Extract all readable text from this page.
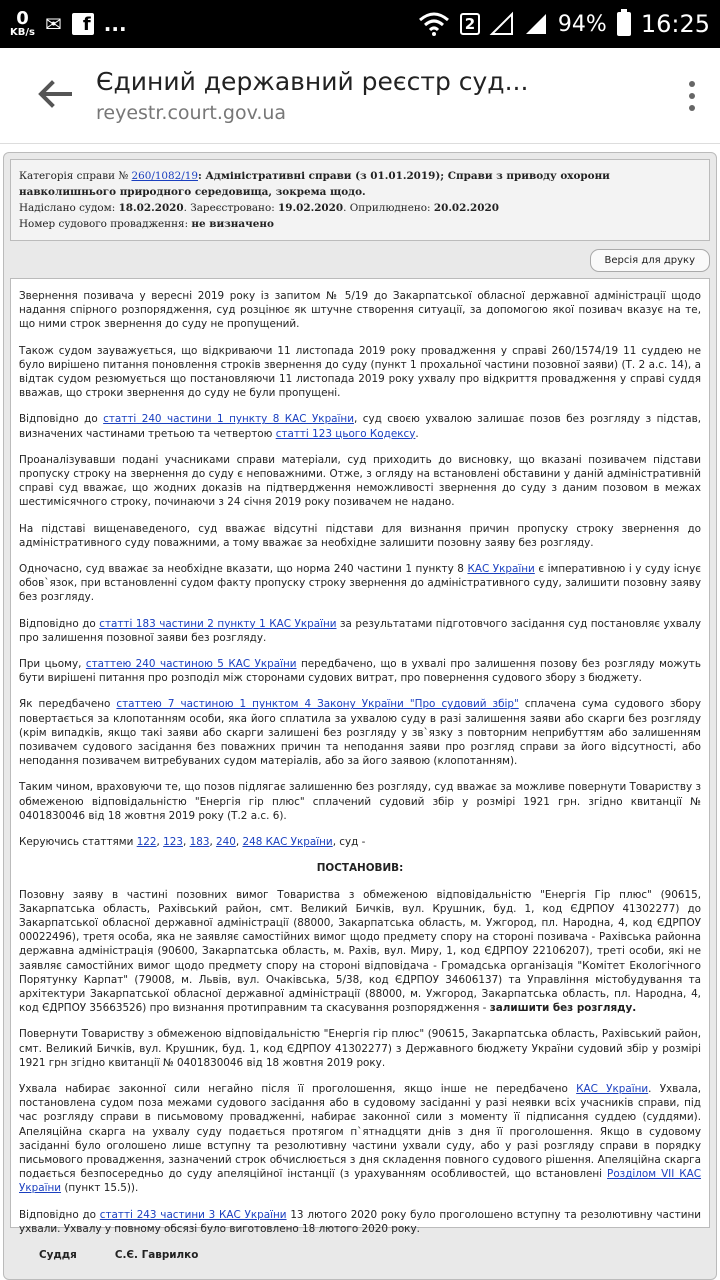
0
KB/s ✉	f ...	2	94% 16:25
Єдиний державний реєстр суд...
reyestr.court.gov.ua
Категорія справи № 260/1082/19: Адміністративні справи (з 01.01.2019); Справи з приводу охорони навколишнього природного середовища, зокрема щодо.
Надіслано судом: 18.02.2020. Зареєстровано: 19.02.2020. Оприлюднено: 20.02.2020
Номер судового провадження: не визначено
Версія для друку

Звернення позивача у вересні 2019 року із запитом № 5/19 до Закарпатської обласної державної адміністрації щодо надання спірного розпорядження, суд розцінює як штучне створення ситуації, за допомогою якої позивач вказує на те, що ними строк звернення до суду не пропущений.

Також судом зауважується, що відкриваючи 11 листопада 2019 року провадження у справі 260/1574/19 11 суддею не було вирішено питання поновлення строків звернення до суду (пункт 1 прохальної частини позовної заяви) (Т. 2 а.с. 14), а відтак судом резюмується що постановляючи 11 листопада 2019 року ухвалу про відкриття провадження у справі суддя вважав, що строки звернення до суду не були пропущені.

Відповідно до статті 240 частини 1 пункту 8 КАС України, суд своєю ухвалою залишає позов без розгляду з підстав, визначених частинами третьою та четвертою статті 123 цього Кодексу.

Проаналізувавши подані учасниками справи матеріали, суд приходить до висновку, що вказані позивачем підстави пропуску строку на звернення до суду є неповажними. Отже, з огляду на встановлені обставини у даній адміністративній справі суд вважає, що жодних доказів на підтвердження неможливості звернення до суду з даним позовом в межах шестимісячного строку, починаючи з 24 січня 2019 року позивачем не надано.

На підставі вищенаведеного, суд вважає відсутні підстави для визнання причин пропуску строку звернення до адміністративного суду поважними, а тому вважає за необхідне залишити позовну заяву без розгляду.

Одночасно, суд вважає за необхідне вказати, що норма 240 частини 1 пункту 8 КАС України є імперативною і у суду існує обов`язок, при встановленні судом факту пропуску строку звернення до адміністративного суду, залишити позовну заяву без розгляду.

Відповідно до статті 183 частини 2 пункту 1 КАС України за результатами підготовчого засідання суд постановляє ухвалу про залишення позовної заяви без розгляду.

При цьому, статтею 240 частиною 5 КАС України передбачено, що в ухвалі про залишення позову без розгляду можуть бути вирішені питання про розподіл між сторонами судових витрат, про повернення судового збору з бюджету.

Як передбачено статтею 7 частиною 1 пунктом 4 Закону України "Про судовий збір" сплачена сума судового збору повертається за клопотанням особи, яка його сплатила за ухвалою суду в разі залишення заяви або скарги без розгляду (крім випадків, якщо такі заяви або скарги залишені без розгляду у зв`язку з повторним неприбуттям або залишенням позивачем судового засідання без поважних причин та неподання заяви про розгляд справи за його відсутності, або неподання позивачем витребуваних судом матеріалів, або за його заявою (клопотанням).

Таким чином, враховуючи те, що позов підлягає залишенню без розгляду, суд вважає за можливе повернути Товариству з обмеженою відповідальністю "Енергія гір плюс" сплачений судовий збір у розмірі 1921 грн. згідно квитанції № 0401830046 від 18 жовтня 2019 року (Т.2 а.с. 6).

Керуючись статтями 122, 123, 183, 240, 248 КАС України, суд -

ПОСТАНОВИВ:

Позовну заяву в частині позовних вимог Товариства з обмеженою відповідальністю "Енергія Гір плюс" (90615, Закарпатська область, Рахівський район, смт. Великий Бичків, вул. Крушник, буд. 1, код ЄДРПОУ 41302277) до Закарпатської обласної державної адміністрації (88000, Закарпатська область, м. Ужгород, пл. Народна, 4, код ЄДРПОУ 00022496), третя особа, яка не заявляє самостійних вимог щодо предмету спору на стороні позивача - Рахівська районна державна адміністрація (90600, Закарпатська область, м. Рахів, вул. Миру, 1, код ЄДРПОУ 22106207), треті особи, які не заявляє самостійних вимог щодо предмету спору на стороні відповідача - Громадська організація "Комітет Екологічного Порятунку Карпат" (79008, м. Львів, вул. Очаківська, 5/38, код ЄДРПОУ 34606137) та Управління містобудування та архітектури Закарпатської обласної державної адміністрації (88000, м. Ужгород, Закарпатська область, пл. Народна, 4, код ЄДРПОУ 35663526) про визнання протиправним та скасування розпорядження - залишити без розгляду.

Повернути Товариству з обмеженою відповідальністю "Енергія гір плюс" (90615, Закарпатська область, Рахівський район, смт. Великий Бичків, вул. Крушник, буд. 1, код ЄДРПОУ 41302277) з Державного бюджету України судовий збір у розмірі 1921 грн згідно квитанції № 0401830046 від 18 жовтня 2019 року.

Ухвала набирає законної сили негайно після її проголошення, якщо інше не передбачено КАС України. Ухвала, постановлена судом поза межами судового засідання або в судовому засіданні у разі неявки всіх учасників справи, під час розгляду справи в письмовому провадженні, набирає законної сили з моменту її підписання суддею (суддями). Апеляційна скарга на ухвалу суду подається протягом п`ятнадцяти днів з дня її проголошення. Якщо в судовому засіданні було оголошено лише вступну та резолютивну частини ухвали суду, або у разі розгляду справи в порядку письмового провадження, зазначений строк обчислюється з дня складення повного судового рішення. Апеляційна скарга подається безпосередньо до суду апеляційної інстанції (з урахуванням особливостей, що встановлені Розділом VII КАС України (пункт 15.5)).

Відповідно до статті 243 частини 3 КАС України 13 лютого 2020 року було проголошено вступну та резолютивну частини ухвали. Ухвалу у повному обсязі було виготовлено 18 лютого 2020 року.

Суддя	С.Є. Гаврилко
